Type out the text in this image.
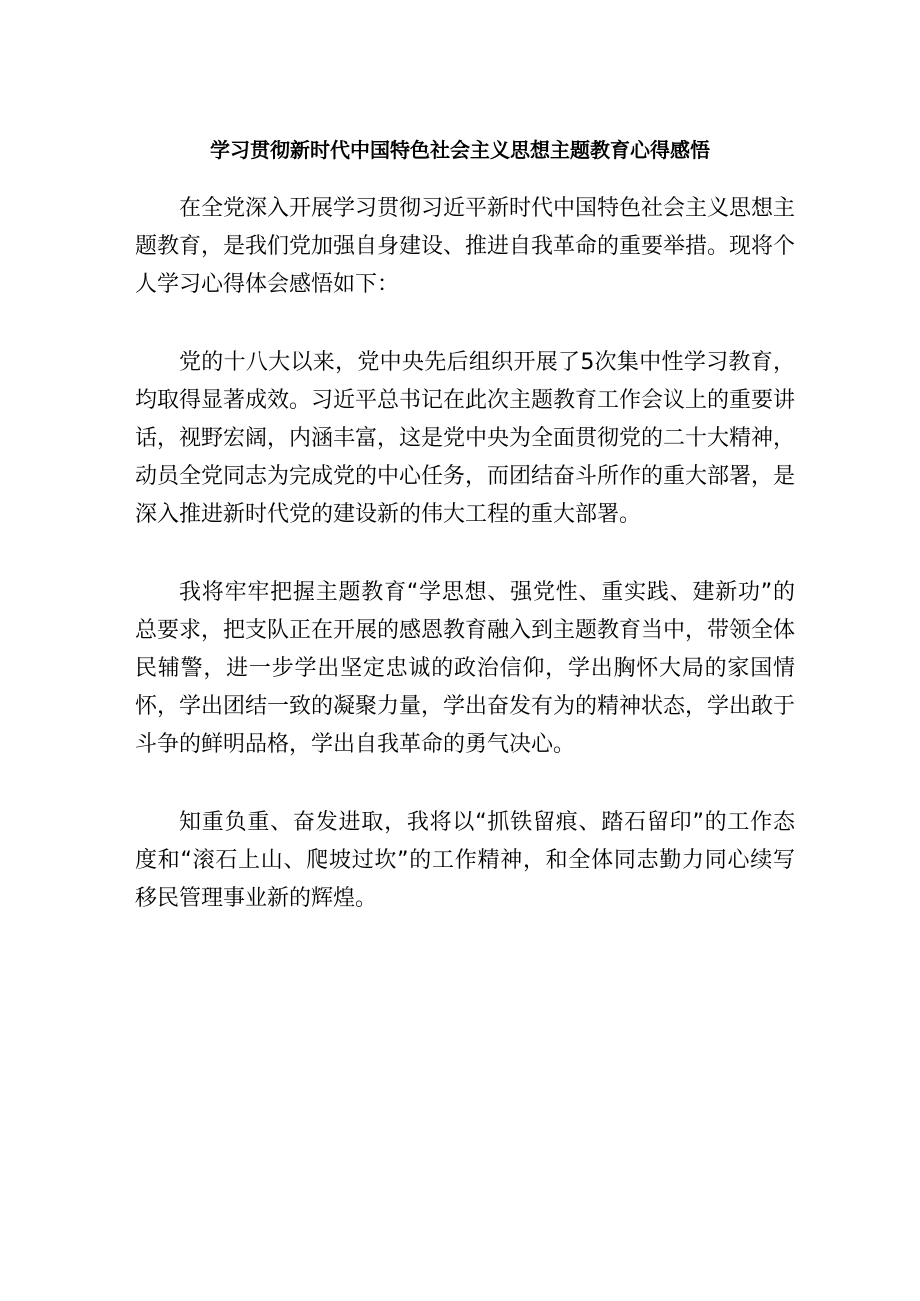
学习贯彻新时代中国特色社会主义思想主题教育心得感悟

在全党深入开展学习贯彻习近平新时代中国特色社会主义思想主题教育，是我们党加强自身建设、推进自我革命的重要举措。现将个人学习心得体会感悟如下：

党的十八大以来，党中央先后组织开展了5次集中性学习教育，均取得显著成效。习近平总书记在此次主题教育工作会议上的重要讲话，视野宏阔，内涵丰富，这是党中央为全面贯彻党的二十大精神，动员全党同志为完成党的中心任务，而团结奋斗所作的重大部署，是深入推进新时代党的建设新的伟大工程的重大部署。

我将牢牢把握主题教育“学思想、强党性、重实践、建新功”的总要求，把支队正在开展的感恩教育融入到主题教育当中，带领全体民辅警，进一步学出坚定忠诚的政治信仰，学出胸怀大局的家国情怀，学出团结一致的凝聚力量，学出奋发有为的精神状态，学出敢于斗争的鲜明品格，学出自我革命的勇气决心。

知重负重、奋发进取，我将以“抓铁留痕、踏石留印”的工作态度和“滚石上山、爬坡过坎”的工作精神，和全体同志勤力同心续写移民管理事业新的辉煌。
